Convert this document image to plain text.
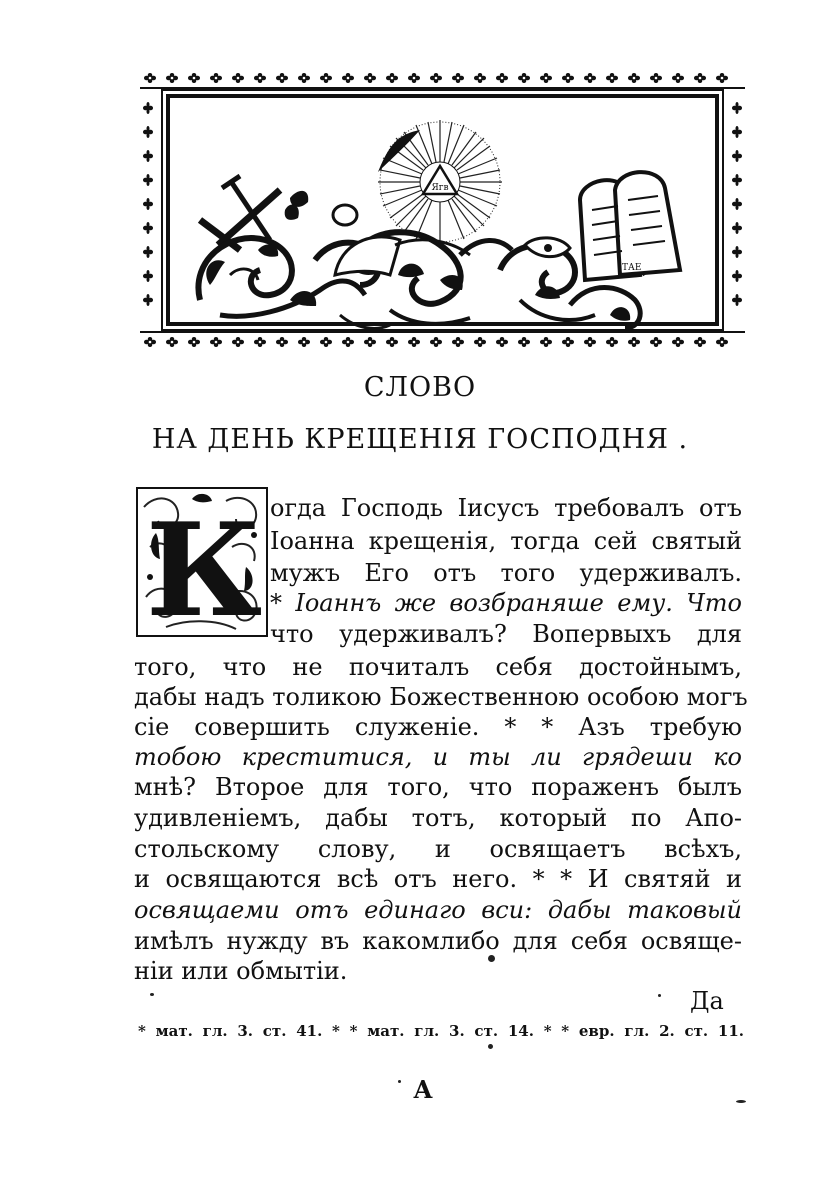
Ягв
ТАЕ
СЛОВО
НА ДЕНЬ КРЕЩЕНІЯ ГОСПОДНЯ .
К огда Господь Іисусъ требовалъ отъ
Іоанна крещенія, тогда сей святый
мужъ Его отъ того удерживалъ.
* Іоаннъ же возбраняше ему. Что
что удерживалъ? Вопервыхъ для
того, что не почиталъ себя достойнымъ,
дабы надъ толикою Божественною особою могъ
сіе совершить служеніе. * * Азъ требую
тобою креститися, и ты ли грядеши ко
мнѣ? Второе для того, что пораженъ былъ
удивленіемъ, дабы тотъ, который по Апо-
стольскому слову, и освящаетъ всѣхъ,
и освящаются всѣ отъ него. * * И святяй и
освящаеми отъ единаго вси: дабы таковый
имѣлъ нужду въ какомлибо для себя освяще-
ніи или обмытіи.
Да
* мат. гл. 3. ст. 41. * * мат. гл. 3. ст. 14. * * евр. гл. 2. ст. 11.
А
